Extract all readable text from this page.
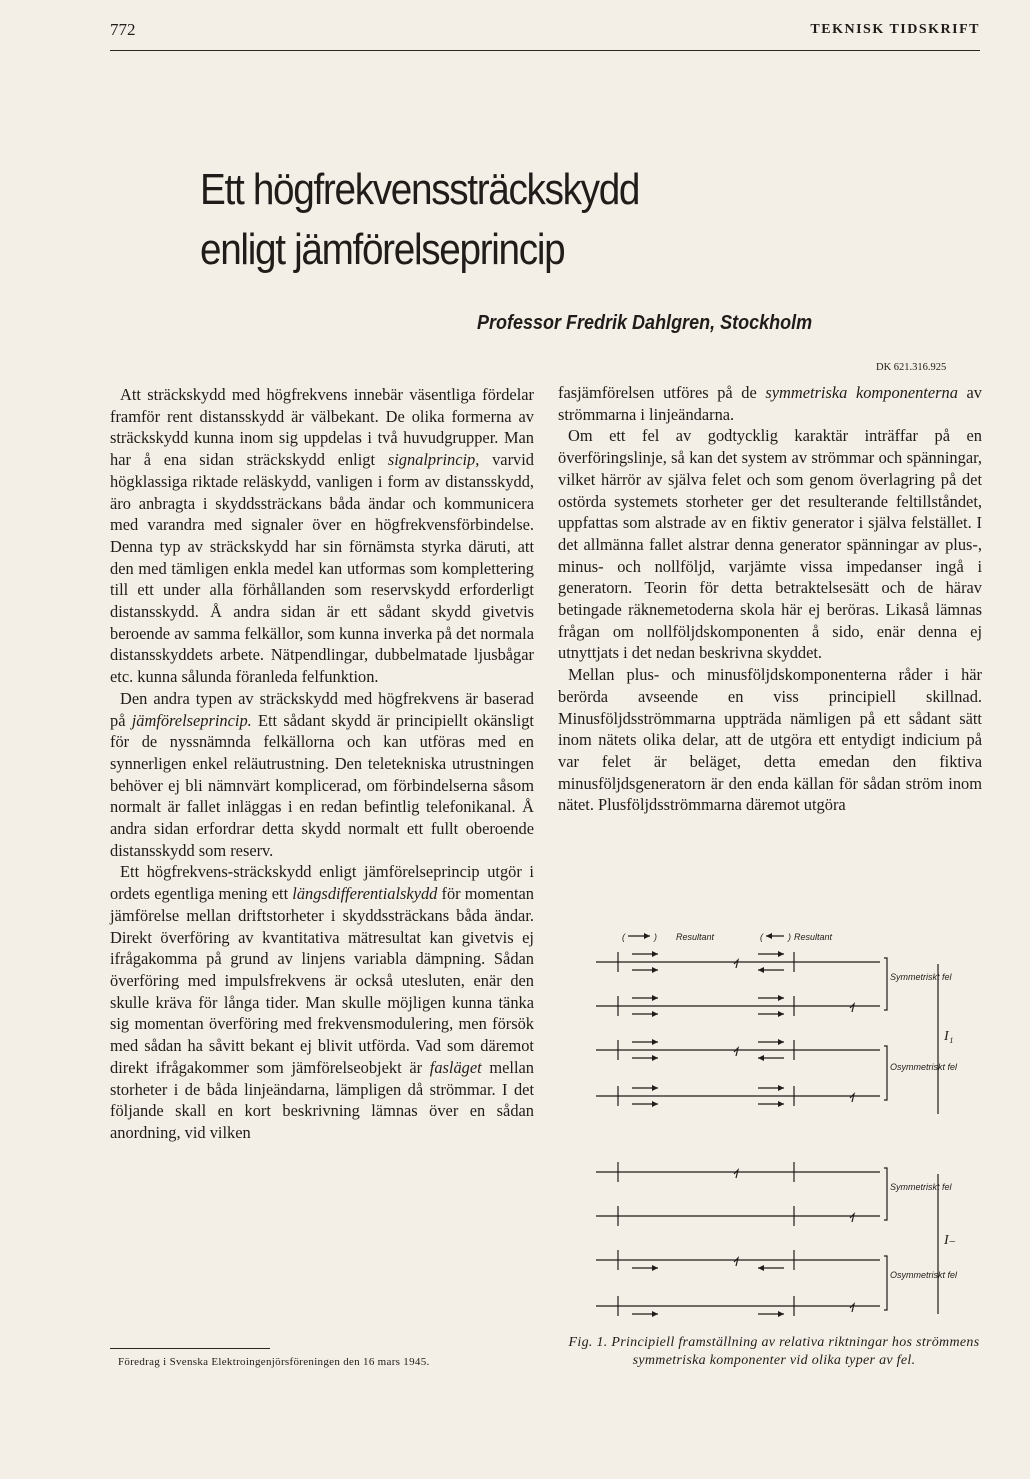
772	TEKNISK TIDSKRIFT
Ett högfrekvenssträckskydd
enligt jämförelseprincip
Professor Fredrik Dahlgren, Stockholm
DK 621.316.925

Att sträckskydd med högfrekvens innebär väsentliga fördelar framför rent distansskydd är välbekant. De olika formerna av sträckskydd kunna inom sig uppdelas i två huvudgrupper. Man har å ena sidan sträckskydd enligt signalprincip, varvid högklassiga riktade reläskydd, vanligen i form av distansskydd, äro anbragta i skyddssträckans båda ändar och kommunicera med varandra med signaler över en högfrekvensförbindelse. Denna typ av sträckskydd har sin förnämsta styrka däruti, att den med tämligen enkla medel kan utformas som komplettering till ett under alla förhållanden som reservskydd erforderligt distansskydd. Å andra sidan är ett sådant skydd givetvis beroende av samma felkällor, som kunna inverka på det normala distansskyddets arbete. Nätpendlingar, dubbelmatade ljusbågar etc. kunna sålunda föranleda felfunktion.

Den andra typen av sträckskydd med högfrekvens är baserad på jämförelseprincip. Ett sådant skydd är principiellt okänsligt för de nyssnämnda felkällorna och kan utföras med en synnerligen enkel reläutrustning. Den teletekniska utrustningen behöver ej bli nämnvärt komplicerad, om förbindelserna såsom normalt är fallet inläggas i en redan befintlig telefonikanal. Å andra sidan erfordrar detta skydd normalt ett fullt oberoende distansskydd som reserv.

Ett högfrekvens-sträckskydd enligt jämförelseprincip utgör i ordets egentliga mening ett längsdifferentialskydd för momentan jämförelse mellan driftstorheter i skyddssträckans båda ändar. Direkt överföring av kvantitativa mätresultat kan givetvis ej ifrågakomma på grund av linjens variabla dämpning. Sådan överföring med impulsfrekvens är också utesluten, enär den skulle kräva för långa tider. Man skulle möjligen kunna tänka sig momentan överföring med frekvensmodulering, men försök med sådan ha såvitt bekant ej blivit utförda. Vad som däremot direkt ifrågakommer som jämförelseobjekt är fasläget mellan storheter i de båda linjeändarna, lämpligen då strömmar. I det följande skall en kort beskrivning lämnas över en sådan anordning, vid vilken

fasjämförelsen utföres på de symmetriska komponenterna av strömmarna i linjeändarna.

Om ett fel av godtycklig karaktär inträffar på en överföringslinje, så kan det system av strömmar och spänningar, vilket härrör av själva felet och som genom överlagring på det ostörda systemets storheter ger det resulterande feltillståndet, uppfattas som alstrade av en fiktiv generator i själva felstället. I det allmänna fallet alstrar denna generator spänningar av plus-, minus- och nollföljd, varjämte vissa impedanser ingå i generatorn. Teorin för detta betraktelsesätt och de härav betingade räknemetoderna skola här ej beröras. Likaså lämnas frågan om nollföljdskomponenten å sido, enär denna ej utnyttjats i det nedan beskrivna skyddet.

Mellan plus- och minusföljdskomponenterna råder i här berörda avseende en viss principiell skillnad. Minusföljdsströmmarna uppträda nämligen på ett sådant sätt inom nätets olika delar, att de utgöra ett entydigt indicium på var felet är beläget, detta emedan den fiktiva minusföljdsgeneratorn är den enda källan för sådan ström inom nätet. Plusföljdsströmmarna däremot utgöra

(	(
Resultant
)	) Resultant
Symmetriskt fel
Osymmetriskt fel
I₁
Symmetriskt fel
Osymmetriskt fel
I₋
Fig. 1. Principiell framställning av relativa riktningar hos strömmens symmetriska komponenter vid olika typer av fel.
Föredrag i Svenska Elektroingenjörsföreningen den 16 mars 1945.
